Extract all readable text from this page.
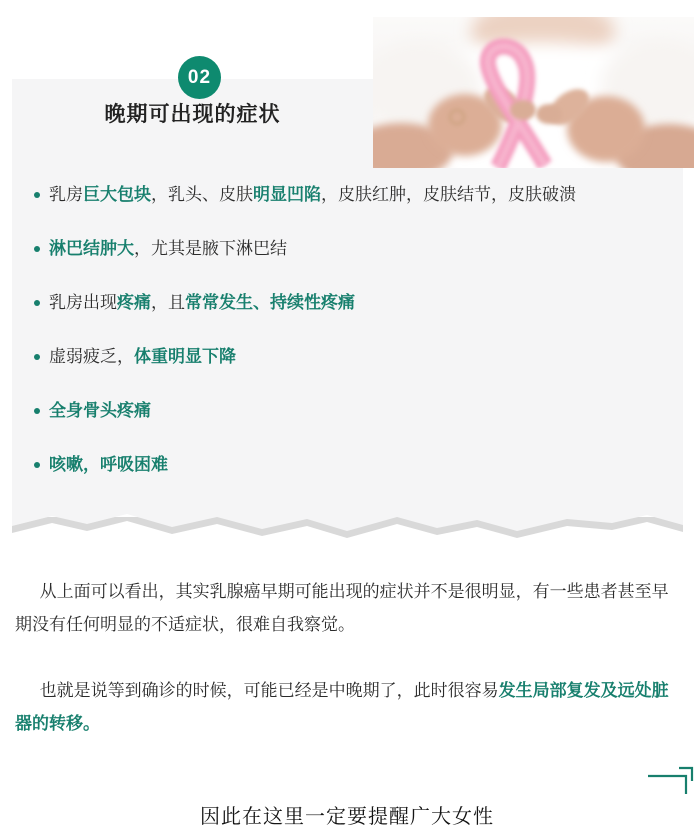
02
晚期可出现的症状
乳房巨大包块，乳头、皮肤明显凹陷，皮肤红肿，皮肤结节，皮肤破溃
淋巴结肿大，尤其是腋下淋巴结
乳房出现疼痛，且常常发生、持续性疼痛
虚弱疲乏，体重明显下降
全身骨头疼痛
咳嗽，呼吸困难

从上面可以看出，其实乳腺癌早期可能出现的症状并不是很明显，有一些患者甚至早期没有任何明显的不适症状，很难自我察觉。

也就是说等到确诊的时候，可能已经是中晚期了，此时很容易发生局部复发及远处脏器的转移。

因此在这里一定要提醒广大女性
